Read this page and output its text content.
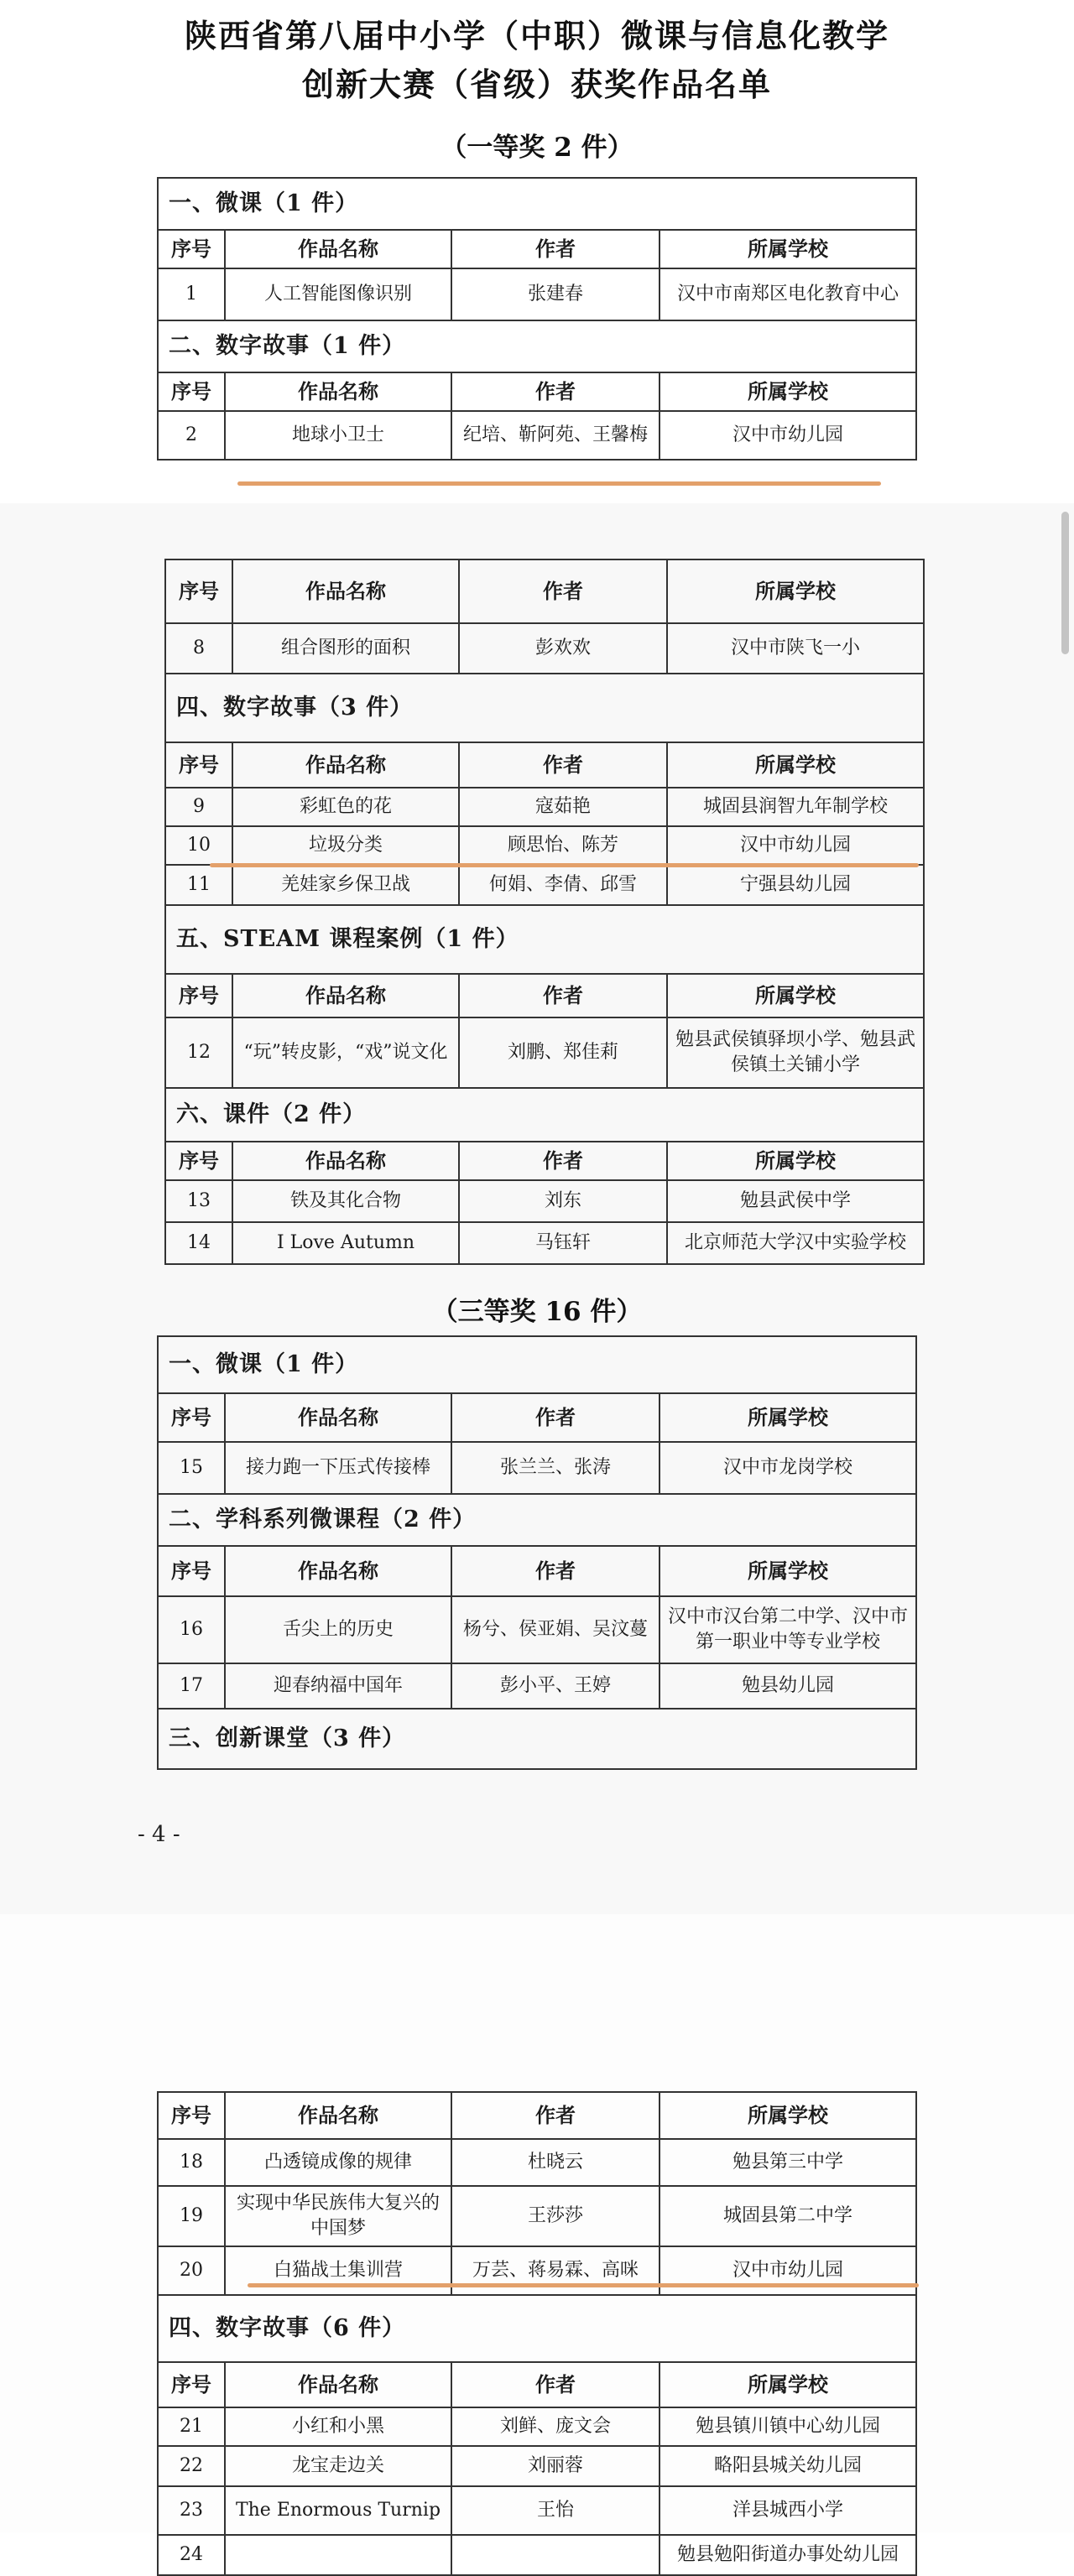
陕西省第八届中小学（中职）微课与信息化教学
创新大赛（省级）获奖作品名单
（一等奖 2 件）
一、微课（1 件）			
序号	作品名称	作者	所属学校
1	人工智能图像识别	张建春	汉中市南郑区电化教育中心
二、数字故事（1 件）			
序号	作品名称	作者	所属学校
2	地球小卫士	纪培、靳阿苑、王馨梅	汉中市幼儿园
序号	作品名称	作者	所属学校
8	组合图形的面积	彭欢欢	汉中市陕飞一小
四、数字故事（3 件）			
序号	作品名称	作者	所属学校
9	彩虹色的花	寇茹艳	城固县润智九年制学校
10	垃圾分类	顾思怡、陈芳	汉中市幼儿园
11	羌娃家乡保卫战	何娟、李倩、邱雪	宁强县幼儿园
五、STEAM 课程案例（1 件）			
序号	作品名称	作者	所属学校
12	“玩”转皮影，“戏”说文化	刘鹏、郑佳莉	勉县武侯镇驿坝小学、勉县武侯镇土关铺小学
六、课件（2 件）			
序号	作品名称	作者	所属学校
13	铁及其化合物	刘东	勉县武侯中学
14	I Love Autumn	马钰轩	北京师范大学汉中实验学校
（三等奖 16 件）
一、微课（1 件）			
序号	作品名称	作者	所属学校
15	接力跑一下压式传接棒	张兰兰、张涛	汉中市龙岗学校
二、学科系列微课程（2 件）			
序号	作品名称	作者	所属学校
16	舌尖上的历史	杨兮、侯亚娟、吴汶蔓	汉中市汉台第二中学、汉中市第一职业中等专业学校
17	迎春纳福中国年	彭小平、王婷	勉县幼儿园
三、创新课堂（3 件）			
- 4 -
序号	作品名称	作者	所属学校
18	凸透镜成像的规律	杜晓云	勉县第三中学
19	实现中华民族伟大复兴的中国梦	王莎莎	城固县第二中学
20	白猫战士集训营	万芸、蒋易霖、高咪	汉中市幼儿园
四、数字故事（6 件）			
序号	作品名称	作者	所属学校
21	小红和小黑	刘鲜、庞文会	勉县镇川镇中心幼儿园
22	龙宝走边关	刘丽蓉	略阳县城关幼儿园
23	The Enormous Turnip	王怡	洋县城西小学
24			勉县勉阳街道办事处幼儿园
